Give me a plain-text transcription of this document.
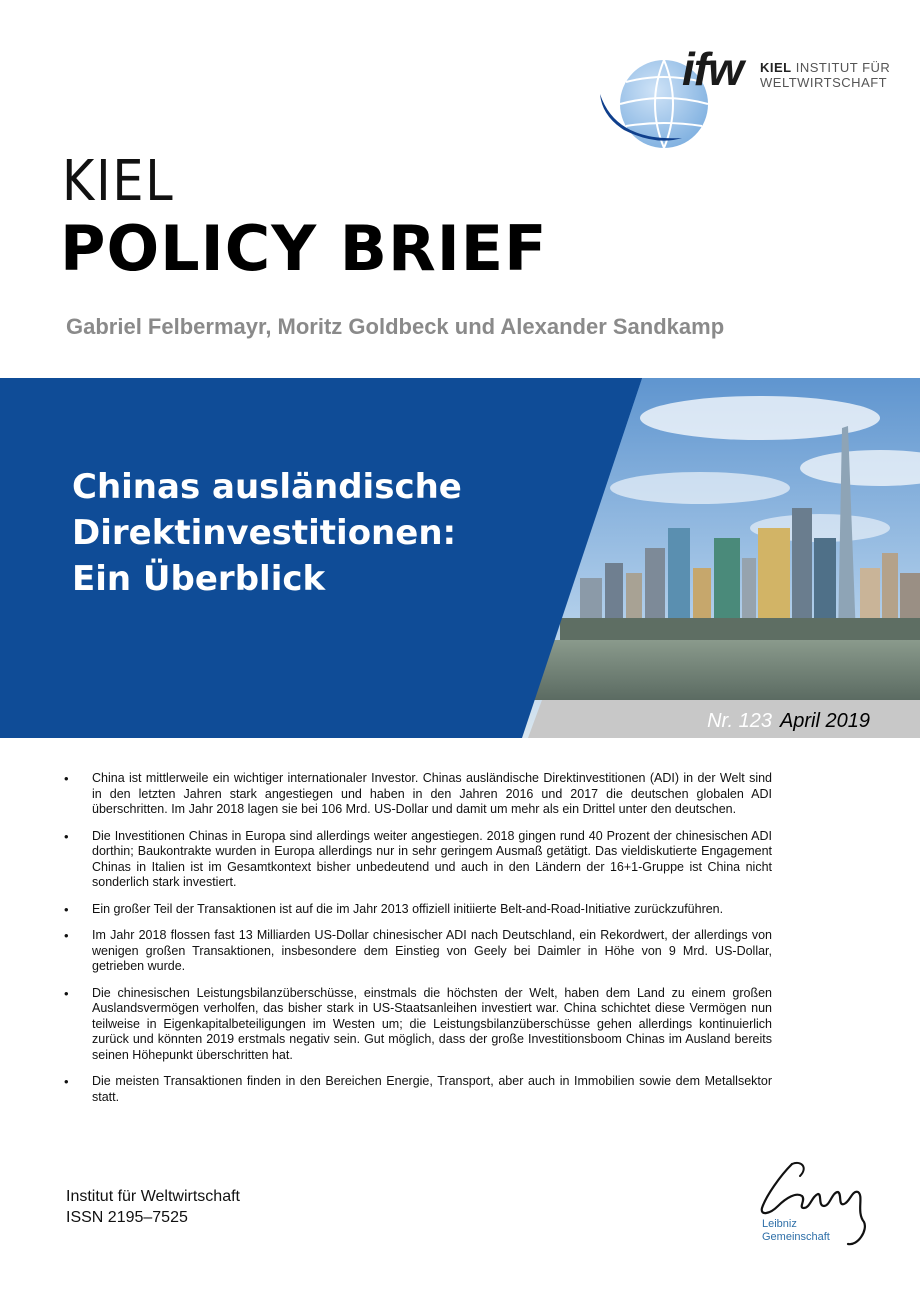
ifw KIEL INSTITUT FÜR
WELTWIRTSCHAFT
KIEL
POLICY BRIEF
Gabriel Felbermayr, Moritz Goldbeck und Alexander Sandkamp
Chinas ausländische
Direktinvestitionen:
Ein Überblick
Nr. 123 April 2019
• China ist mittlerweile ein wichtiger internationaler Investor. Chinas ausländische Direktinvestitionen (ADI) in der Welt sind in den letzten Jahren stark angestiegen und haben in den Jahren 2016 und 2017 die deutschen globalen ADI überschritten. Im Jahr 2018 lagen sie bei 106 Mrd. US-Dollar und damit um mehr als ein Drittel unter den deutschen.
• Die Investitionen Chinas in Europa sind allerdings weiter angestiegen. 2018 gingen rund 40 Prozent der chinesischen ADI dorthin; Baukontrakte wurden in Europa allerdings nur in sehr geringem Ausmaß getätigt. Das vieldiskutierte Engagement Chinas in Italien ist im Gesamtkontext bisher unbedeutend und auch in den Ländern der 16+1-Gruppe ist China nicht sonderlich stark investiert.
• Ein großer Teil der Transaktionen ist auf die im Jahr 2013 offiziell initiierte Belt-and-Road-Initiative zurückzuführen.
• Im Jahr 2018 flossen fast 13 Milliarden US-Dollar chinesischer ADI nach Deutschland, ein Rekordwert, der allerdings von wenigen großen Transaktionen, insbesondere dem Einstieg von Geely bei Daimler in Höhe von 9 Mrd. US-Dollar, getrieben wurde.
• Die chinesischen Leistungsbilanzüberschüsse, einstmals die höchsten der Welt, haben dem Land zu einem großen Auslandsvermögen verholfen, das bisher stark in US-Staatsanleihen investiert war. China schichtet diese Vermögen nun teilweise in Eigenkapitalbeteiligungen im Westen um; die Leistungsbilanzüberschüsse gehen allerdings kontinuierlich zurück und könnten 2019 erstmals negativ sein. Gut möglich, dass der große Investitionsboom Chinas im Ausland bereits seinen Höhepunkt überschritten hat.
• Die meisten Transaktionen finden in den Bereichen Energie, Transport, aber auch in Immobilien sowie dem Metallsektor statt.
Institut für Weltwirtschaft
ISSN 2195–7525	Leibniz
Gemeinschaft
